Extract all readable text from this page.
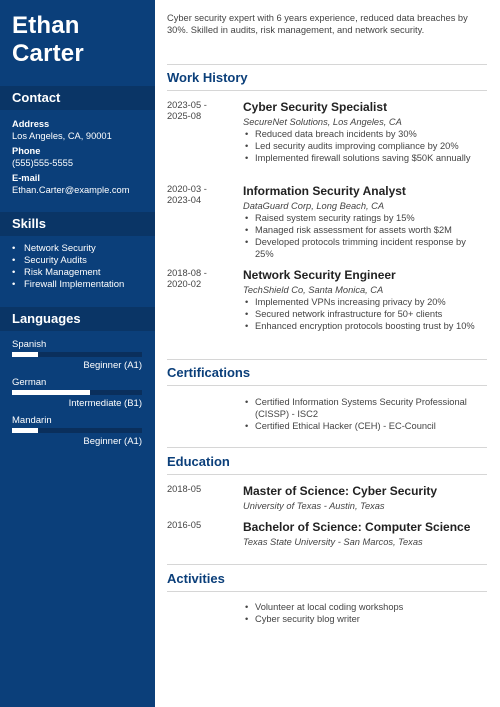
Ethan
Carter
Contact
Address
Los Angeles, CA, 90001
Phone
(555)555-5555
E-mail
Ethan.Carter@example.com
Skills
• Network Security
• Security Audits
• Risk Management
• Firewall Implementation
Languages
Spanish
Beginner (A1)
German
Intermediate (B1)
Mandarin
Beginner (A1)

Cyber security expert with 6 years experience, reduced data breaches by 30%. Skilled in audits, risk management, and network security.

Work History
2023-05 -
2025-08
Cyber Security Specialist
SecureNet Solutions, Los Angeles, CA
• Reduced data breach incidents by 30%
• Led security audits improving compliance by 20%
• Implemented firewall solutions saving $50K annually
2020-03 -
2023-04
Information Security Analyst
DataGuard Corp, Long Beach, CA
• Raised system security ratings by 15%
• Managed risk assessment for assets worth $2M
• Developed protocols trimming incident response by 25%
2018-08 -
2020-02
Network Security Engineer
TechShield Co, Santa Monica, CA
• Implemented VPNs increasing privacy by 20%
• Secured network infrastructure for 50+ clients
• Enhanced encryption protocols boosting trust by 10%
Certifications
• Certified Information Systems Security Professional (CISSP) - ISC2
• Certified Ethical Hacker (CEH) - EC-Council
Education
2018-05	Master of Science: Cyber Security
University of Texas - Austin, Texas
2016-05	Bachelor of Science: Computer Science
Texas State University - San Marcos, Texas
Activities
• Volunteer at local coding workshops
• Cyber security blog writer
